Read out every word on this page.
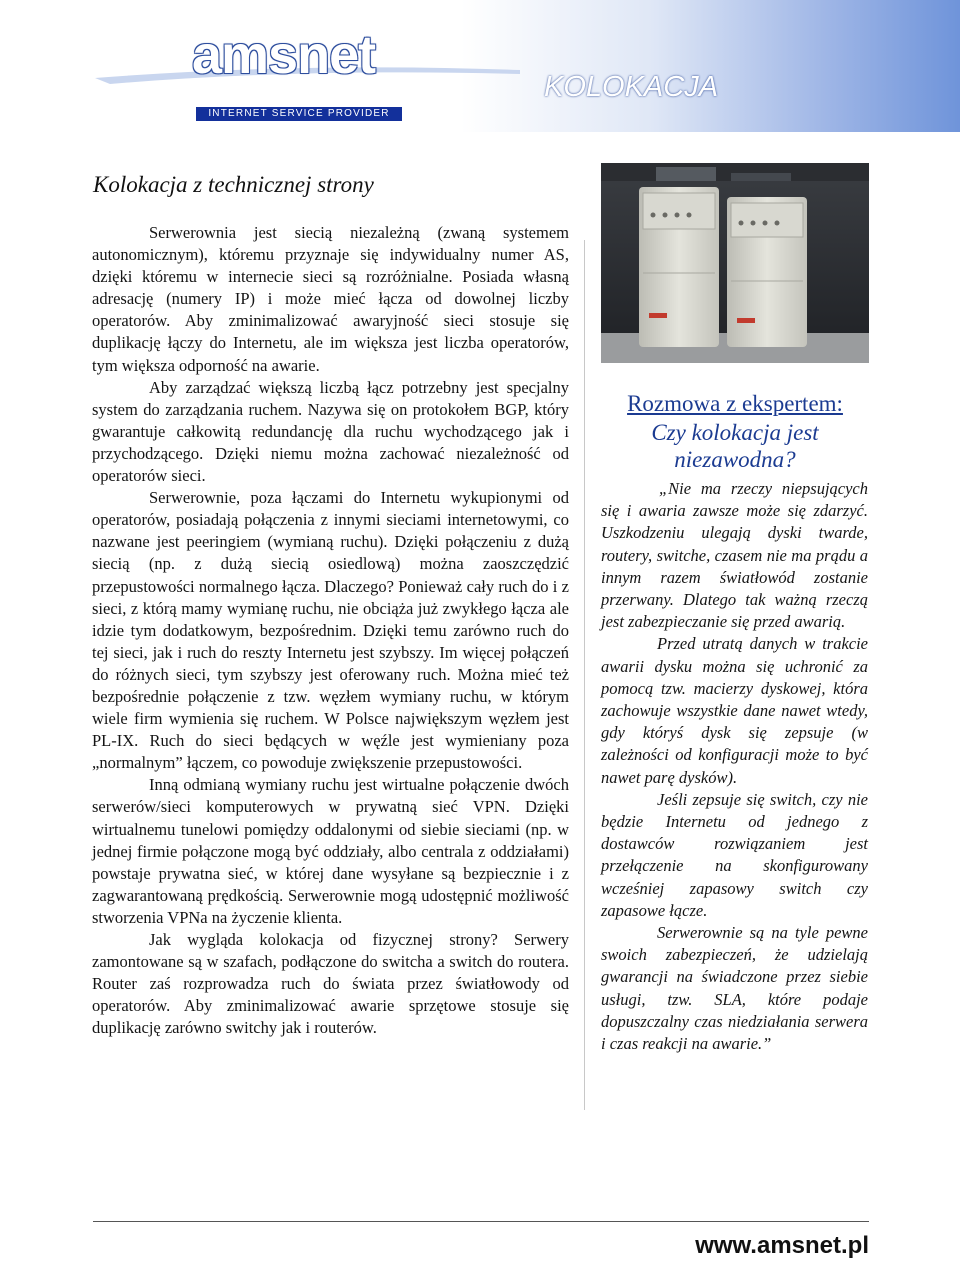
amsnet

INTERNET SERVICE PROVIDER
KOLOKACJA
Kolokacja z technicznej strony

Serwerownia jest siecią niezależną (zwaną systemem autonomicznym), któremu przyznaje się indywidualny numer AS, dzięki któremu w internecie sieci są rozróżnialne. Posiada własną adresację (numery IP) i może mieć łącza od dowolnej liczby operatorów. Aby zminimalizować awaryjność sieci stosuje się duplikację łączy do Internetu, ale im większa jest liczba operatorów, tym większa odporność na awarie.

Aby zarządzać większą liczbą łącz potrzebny jest specjalny system do zarządzania ruchem. Nazywa się on protokołem BGP, który gwarantuje całkowitą redundancję dla ruchu wychodzącego jak i przychodzącego. Dzięki niemu można zachować niezależność od operatorów sieci.

Serwerownie, poza łączami do Internetu wykupionymi od operatorów, posiadają połączenia z innymi sieciami internetowymi, co nazwane jest peeringiem (wymianą ruchu). Dzięki połączeniu z dużą siecią (np. z dużą siecią osiedlową) można zaoszczędzić przepustowości normalnego łącza. Dlaczego? Ponieważ cały ruch do i z sieci, z którą mamy wymianę ruchu, nie obciąża już zwykłego łącza ale idzie tym dodatkowym, bezpośrednim. Dzięki temu zarówno ruch do tej sieci, jak i ruch do reszty Internetu jest szybszy. Im więcej połączeń do różnych sieci, tym szybszy jest oferowany ruch. Można mieć też bezpośrednie połączenie z tzw. węzłem wymiany ruchu, w którym wiele firm wymienia się ruchem. W Polsce największym węzłem jest PL-IX. Ruch do sieci będących w węźle jest wymieniany poza „normalnym” łączem, co powoduje zwiększenie przepustowości.

Inną odmianą wymiany ruchu jest wirtualne połączenie dwóch serwerów/sieci komputerowych w prywatną sieć VPN. Dzięki wirtualnemu tunelowi pomiędzy oddalonymi od siebie sieciami (np. w jednej firmie połączone mogą być oddziały, albo centrala z oddziałami) powstaje prywatna sieć, w której dane wysyłane są bezpiecznie i z zagwarantowaną prędkością. Serwerownie mogą udostępnić możliwość stworzenia VPNa na życzenie klienta.

Jak wygląda kolokacja od fizycznej strony? Serwery zamontowane są w szafach, podłączone do switcha a switch do routera. Router zaś rozprowadza ruch do świata przez światłowody od operatorów. Aby zminimalizować awarie sprzętowe stosuje się duplikację zarówno switchy jak i routerów.

Rozmowa z ekspertem:
Czy kolokacja jest niezawodna?

„Nie ma rzeczy niepsujących się i awaria zawsze może się zdarzyć. Uszkodzeniu ulegają dyski twarde, routery, switche, czasem nie ma prądu a innym razem światłowód zostanie przerwany. Dlatego tak ważną rzeczą jest zabezpieczanie się przed awarią.

Przed utratą danych w trakcie awarii dysku można się uchronić za pomocą tzw. macierzy dyskowej, która zachowuje wszystkie dane nawet wtedy, gdy któryś dysk się zepsuje (w zależności od konfiguracji może to być nawet parę dysków).

Jeśli zepsuje się switch, czy nie będzie Internetu od jednego z dostawców rozwiązaniem jest przełączenie na skonfigurowany wcześniej zapasowy switch czy zapasowe łącze.

Serwerownie są na tyle pewne swoich zabezpieczeń, że udzielają gwarancji na świadczone przez siebie usługi, tzw. SLA, które podaje dopuszczalny czas niedziałania serwera i czas reakcji na awarie.”

www.amsnet.pl
